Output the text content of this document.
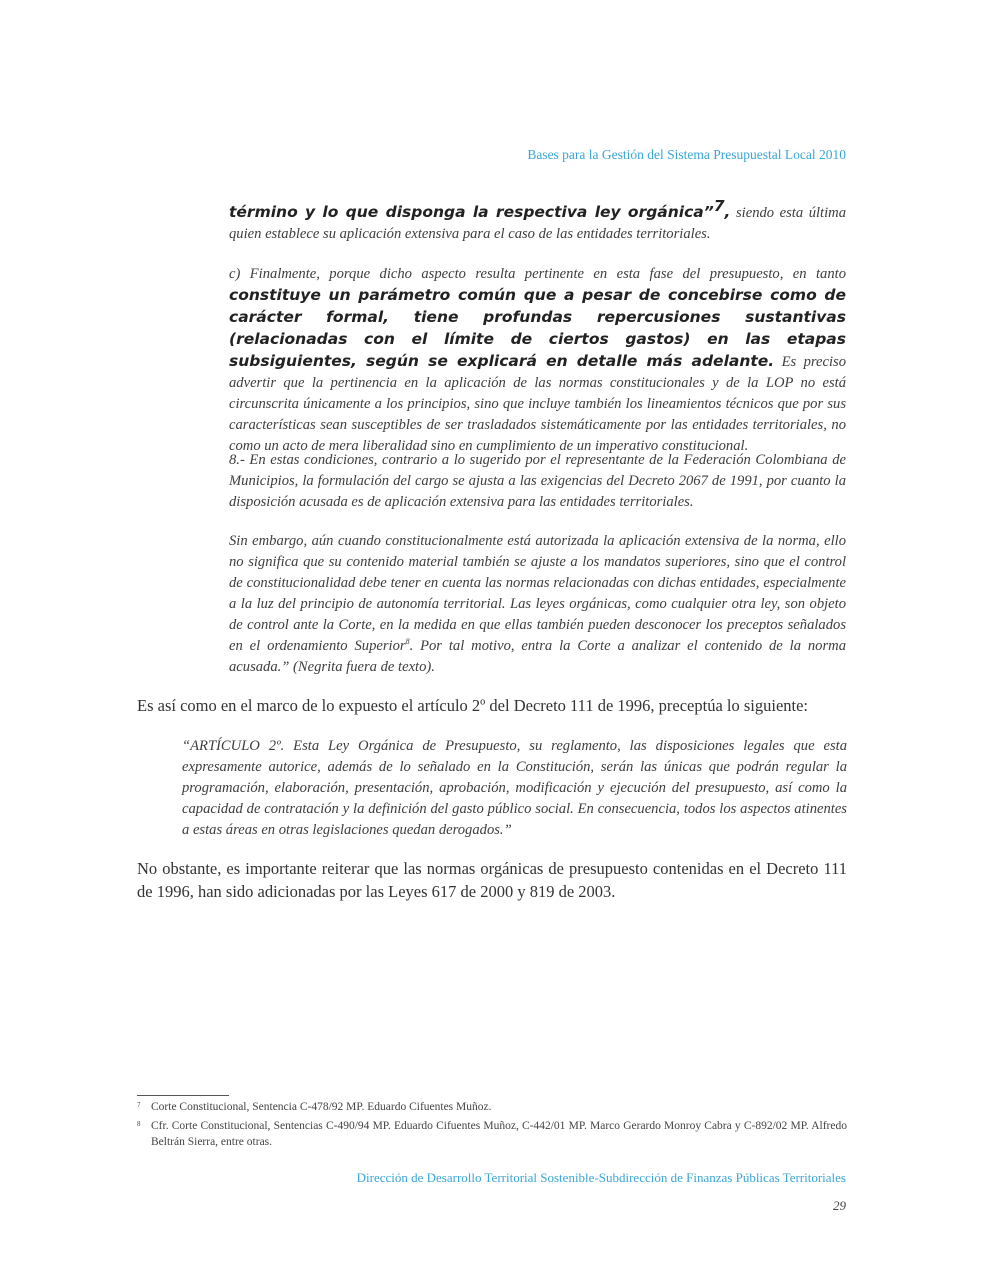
Bases para la Gestión del Sistema Presupuestal Local 2010
término y lo que disponga la respectiva ley orgánica”$^7$, siendo esta última quien establece su aplicación extensiva para el caso de las entidades territoriales.
c) Finalmente, porque dicho aspecto resulta pertinente en esta fase del presupuesto, en tanto constituye un parámetro común que a pesar de concebirse como de carácter formal, tiene profundas repercusiones sustantivas (relacionadas con el límite de ciertos gastos) en las etapas subsiguientes, según se explicará en detalle más adelante. Es preciso advertir que la pertinencia en la aplicación de las normas constitucionales y de la LOP no está circunscrita únicamente a los principios, sino que incluye también los lineamientos técnicos que por sus características sean susceptibles de ser trasladados sistemáticamente por las entidades territoriales, no como un acto de mera liberalidad sino en cumplimiento de un imperativo constitucional.
8.- En estas condiciones, contrario a lo sugerido por el representante de la Federación Colombiana de Municipios, la formulación del cargo se ajusta a las exigencias del Decreto 2067 de 1991, por cuanto la disposición acusada es de aplicación extensiva para las entidades territoriales.
Sin embargo, aún cuando constitucionalmente está autorizada la aplicación extensiva de la norma, ello no significa que su contenido material también se ajuste a los mandatos superiores, sino que el control de constitucionalidad debe tener en cuenta las normas relacionadas con dichas entidades, especialmente a la luz del principio de autonomía territorial. Las leyes orgánicas, como cualquier otra ley, son objeto de control ante la Corte, en la medida en que ellas también pueden desconocer los preceptos señalados en el ordenamiento Superior$^8$. Por tal motivo, entra la Corte a analizar el contenido de la norma acusada.” (Negrita fuera de texto).
Es así como en el marco de lo expuesto el artículo 2º del Decreto 111 de 1996, preceptúa lo siguiente:
“ARTÍCULO 2º. Esta Ley Orgánica de Presupuesto, su reglamento, las disposiciones legales que esta expresamente autorice, además de lo señalado en la Constitución, serán las únicas que podrán regular la programación, elaboración, presentación, aprobación, modificación y ejecución del presupuesto, así como la capacidad de contratación y la definición del gasto público social. En consecuencia, todos los aspectos atinentes a estas áreas en otras legislaciones quedan derogados.”
No obstante, es importante reiterar que las normas orgánicas de presupuesto contenidas en el Decreto 111 de 1996, han sido adicionadas por las Leyes 617 de 2000 y 819 de 2003.
7 Corte Constitucional, Sentencia C-478/92 MP. Eduardo Cifuentes Muñoz.
8 Cfr. Corte Constitucional, Sentencias C-490/94 MP. Eduardo Cifuentes Muñoz, C-442/01 MP. Marco Gerardo Monroy Cabra y C-892/02 MP. Alfredo Beltrán Sierra, entre otras.
Dirección de Desarrollo Territorial Sostenible-Subdirección de Finanzas Públicas Territoriales
29
